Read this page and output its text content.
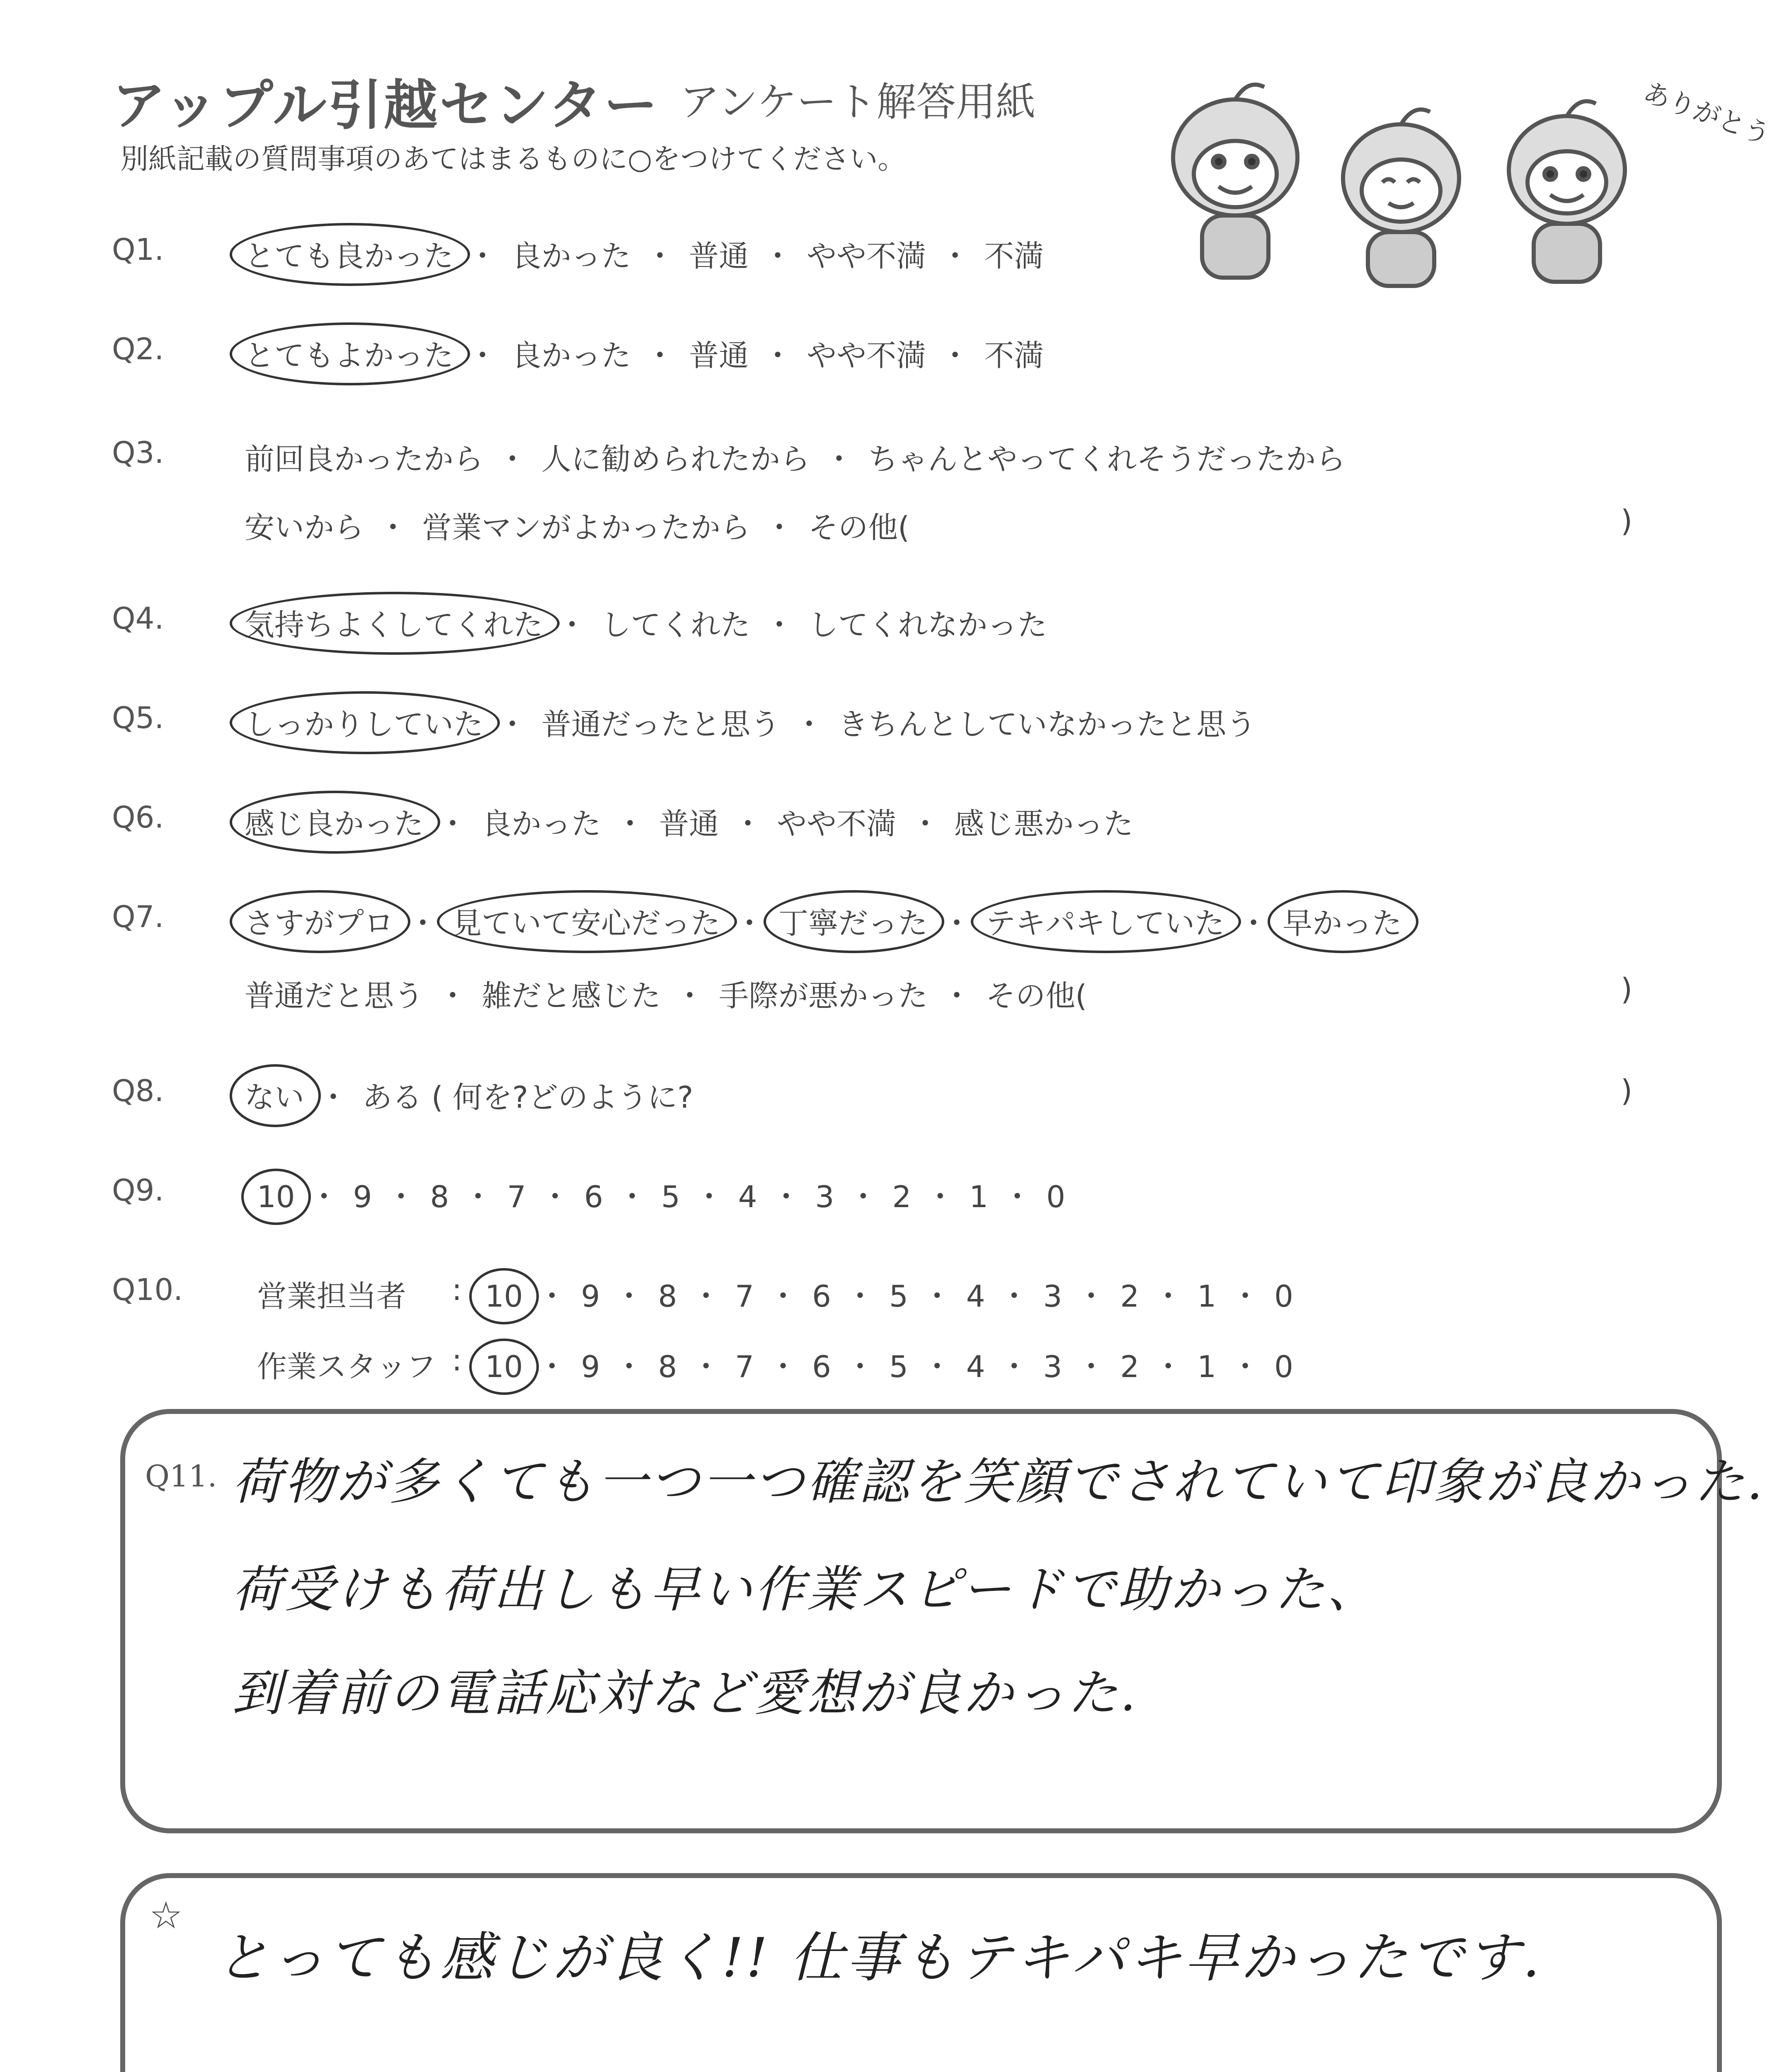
アップル引越センター アンケート解答用紙
別紙記載の質問事項のあてはまるものに○をつけてください。
ありがとう
Q1.	とても良かった ・ 良かった ・ 普通 ・ やや不満 ・ 不満
Q2.	とてもよかった ・ 良かった ・ 普通 ・ やや不満 ・ 不満
Q3.	前回良かったから ・ 人に勧められたから ・ ちゃんとやってくれそうだったから
安いから ・ 営業マンがよかったから ・ その他(	)
Q4.	気持ちよくしてくれた ・ してくれた ・ してくれなかった
Q5.	しっかりしていた ・ 普通だったと思う ・ きちんとしていなかったと思う
Q6.	感じ良かった ・ 良かった ・ 普通 ・ やや不満 ・ 感じ悪かった
Q7.	さすがプロ ・ 見ていて安心だった ・ 丁寧だった ・ テキパキしていた ・ 早かった
普通だと思う ・ 雑だと感じた ・ 手際が悪かった ・ その他(	)
Q8.	ない ・ ある ( 何を?どのように?	)
Q9.	10 ・ 9 ・ 8 ・ 7 ・ 6 ・ 5 ・ 4 ・ 3 ・ 2 ・ 1 ・ 0
Q10. 営業担当者 : 10 ・ 9 ・ 8 ・ 7 ・ 6 ・ 5 ・ 4 ・ 3 ・ 2 ・ 1 ・ 0
作業スタッフ : 10 ・ 9 ・ 8 ・ 7 ・ 6 ・ 5 ・ 4 ・ 3 ・ 2 ・ 1 ・ 0
Q11. 荷物が多くても一つ一つ確認を笑顔でされていて印象が良かった.
荷受けも荷出しも早い作業スピードで助かった、
到着前の電話応対など愛想が良かった.
☆
とっても感じが良く!! 仕事もテキパキ早かったです.
